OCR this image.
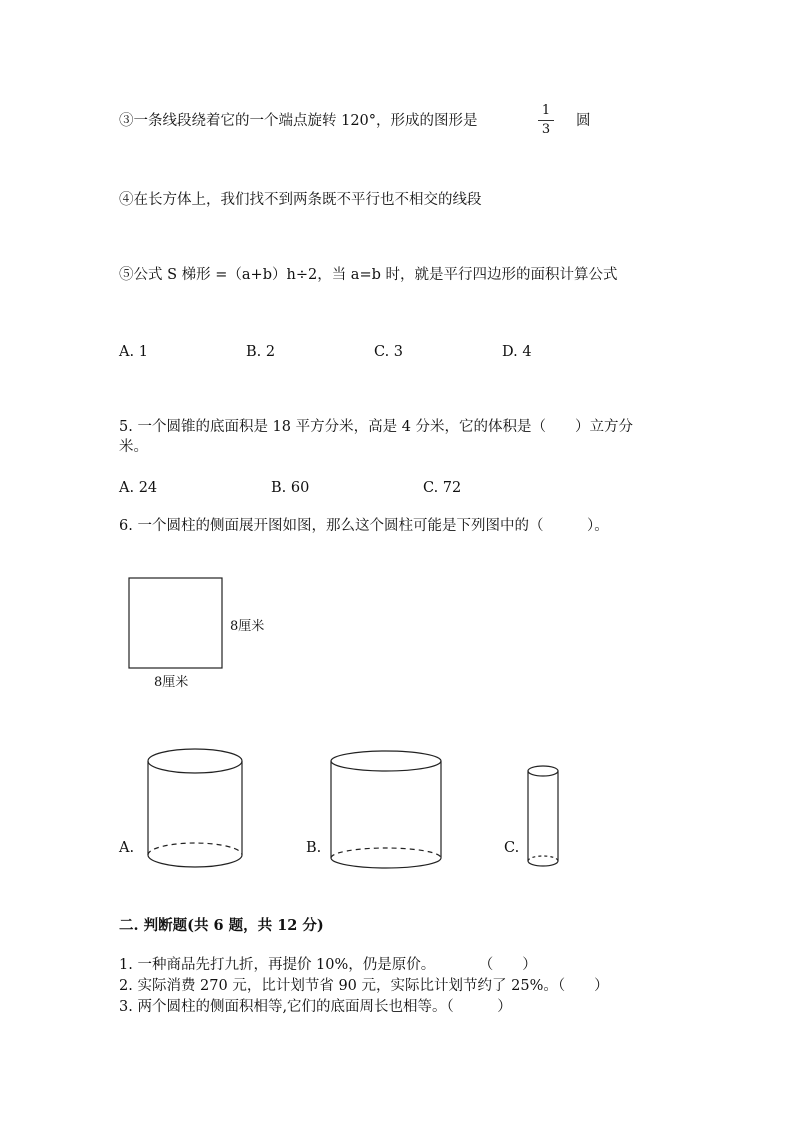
③一条线段绕着它的一个端点旋转 120°，形成的图形是
1
3
圆
④在长方体上，我们找不到两条既不平行也不相交的线段
⑤公式 S 梯形 =（a+b）h÷2，当 a=b 时，就是平行四边形的面积计算公式
A. 1	B. 2	C. 3	D. 4
5. 一个圆锥的底面积是 18 平方分米，高是 4 分米，它的体积是（　　）立方分
米。
A. 24	B. 60	C. 72
6. 一个圆柱的侧面展开图如图，那么这个圆柱可能是下列图中的（　　　）。
8厘米
8厘米
A.	B.	C.
二. 判断题(共 6 题，共 12 分)
1. 一种商品先打九折，再提价 10%，仍是原价。　　　　（　　）
2. 实际消费 270 元，比计划节省 90 元，实际比计划节约了 25%。（　　）
3. 两个圆柱的侧面积相等,它们的底面周长也相等。（　　　）
